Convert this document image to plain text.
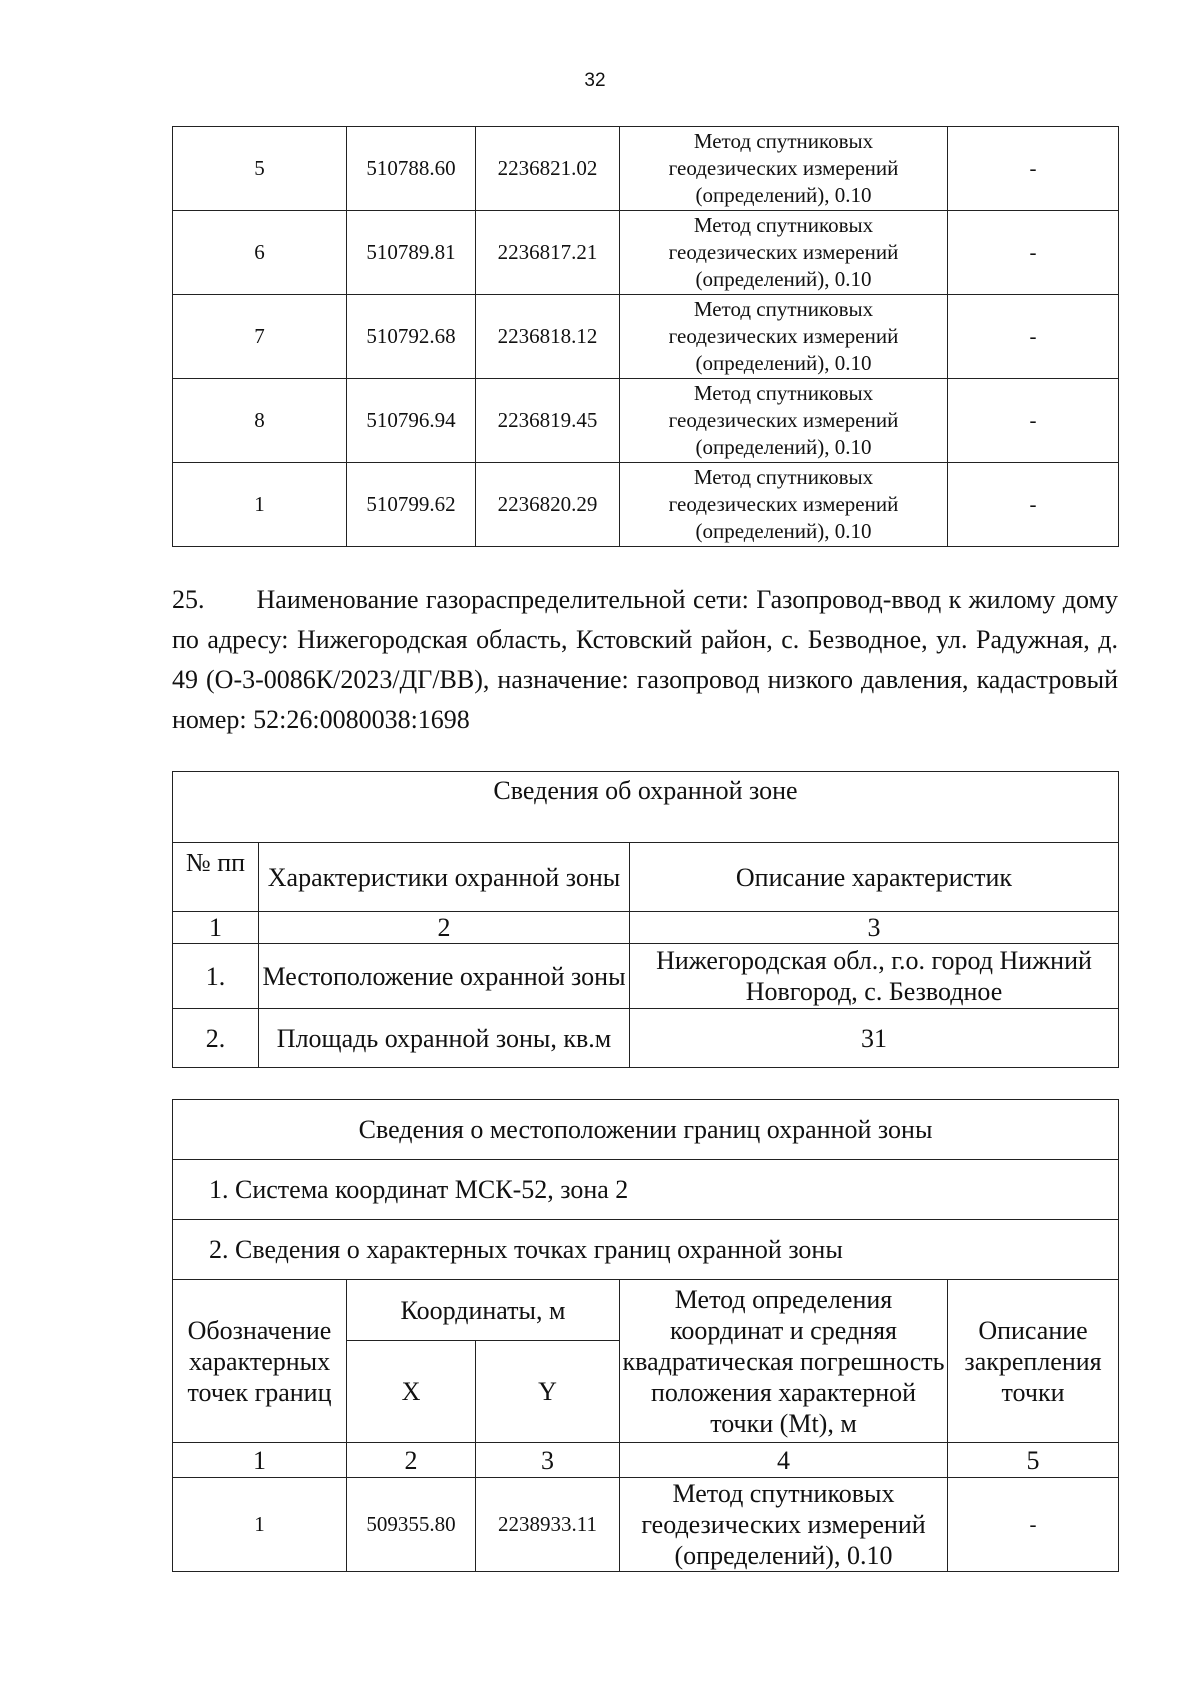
32
5	510788.60	2236821.02	Метод спутниковых
геодезических измерений
(определений), 0.10	-
6	510789.81	2236817.21	Метод спутниковых
геодезических измерений
(определений), 0.10	-
7	510792.68	2236818.12	Метод спутниковых
геодезических измерений
(определений), 0.10	-
8	510796.94	2236819.45	Метод спутниковых
геодезических измерений
(определений), 0.10	-
1	510799.62	2236820.29	Метод спутниковых
геодезических измерений
(определений), 0.10	-

25.  Наименование газораспределительной сети: Газопровод-ввод к жилому дому по адресу: Нижегородская область, Кстовский район, с. Безводное, ул. Радужная, д. 49 (О-3-0086К/2023/ДГ/ВВ), назначение: газопровод низкого давления, кадастровый номер: 52:26:0080038:1698

Сведения об охранной зоне		
№ пп	Характеристики охранной зоны	Описание характеристик
1	2	3
1.	Местоположение охранной зоны	Нижегородская обл., г.о. город Нижний Новгород, с. Безводное
2.	Площадь охранной зоны, кв.м	31
Сведения о местоположении границ охранной зоны				
1. Система координат МСК-52, зона 2				
2. Сведения о характерных точках границ охранной зоны				
Обозначение характерных точек границ	Координаты, м		Метод определения координат и средняя квадратическая погрешность положения характерной точки (Mt), м	Описание закрепления точки
	X	Y		
1	2	3	4	5
1	509355.80	2238933.11	Метод спутниковых
геодезических измерений
(определений), 0.10	-
